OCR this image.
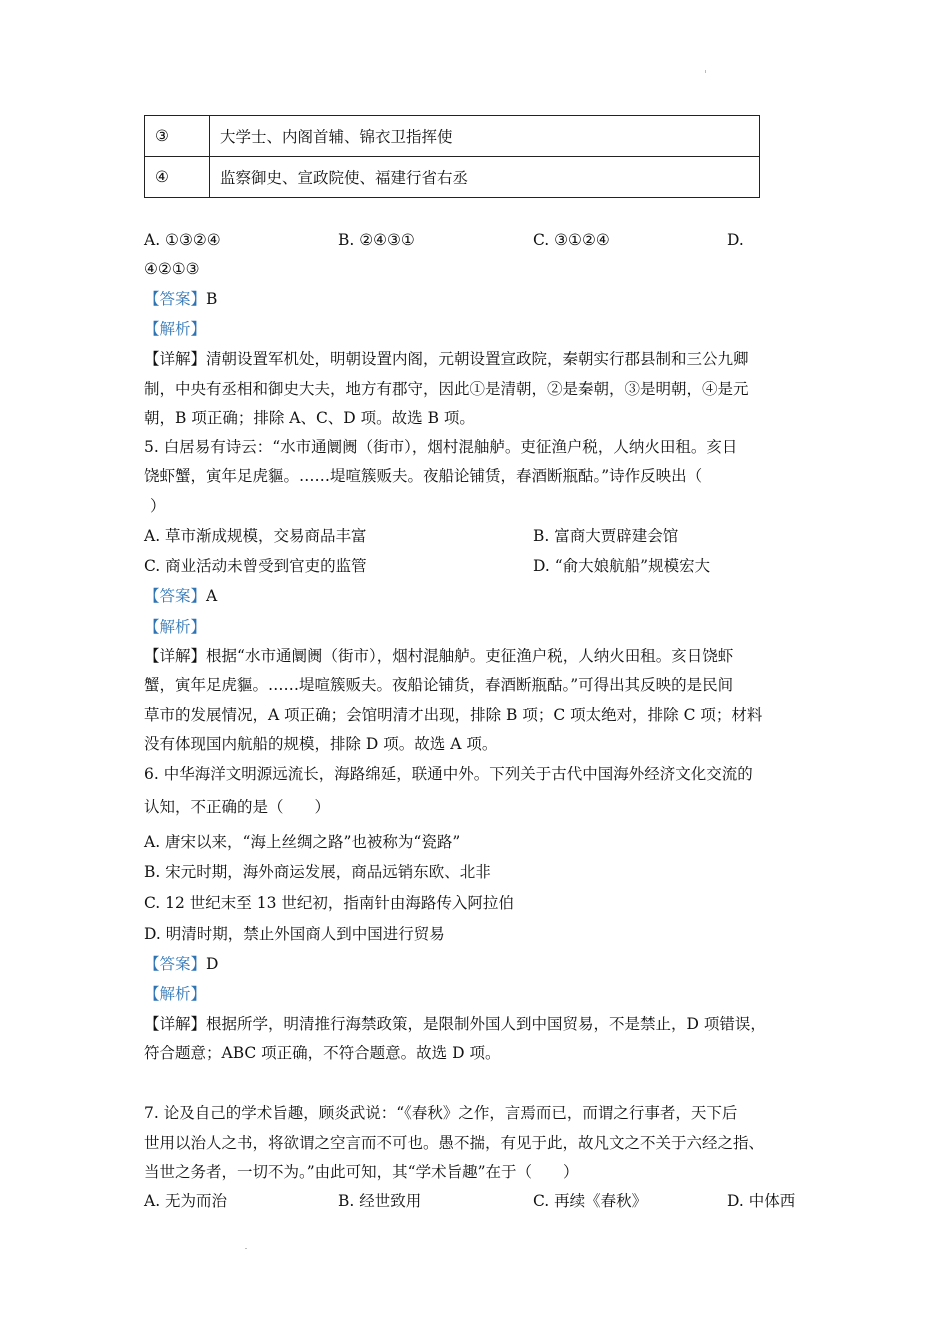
③	大学士、内阁首辅、锦衣卫指挥使
④	监察御史、宣政院使、福建行省右丞
A. ①③②④	B. ②④③①	C. ③①②④	D.
④②①③
【答案】B
【解析】
【详解】清朝设置军机处，明朝设置内阁，元朝设置宣政院，秦朝实行郡县制和三公九卿
制，中央有丞相和御史大夫，地方有郡守，因此①是清朝，②是秦朝，③是明朝，④是元
朝，B 项正确；排除 A、C、D 项。故选 B 项。
5. 白居易有诗云：“水市通阛阓（街市），烟村混舳舻。吏征渔户税，人纳火田租。亥日
饶虾蟹，寅年足虎貙。……堤喧簇贩夫。夜船论铺赁，春酒断瓶酤。”诗作反映出（
）
A. 草市渐成规模，交易商品丰富	B. 富商大贾辟建会馆
C. 商业活动未曾受到官吏的监管	D. “俞大娘航船”规模宏大
【答案】A
【解析】
【详解】根据“水市通阛阓（街市），烟村混舳舻。吏征渔户税，人纳火田租。亥日饶虾
蟹，寅年足虎貙。……堤喧簇贩夫。夜船论铺货，春酒断瓶酤。”可得出其反映的是民间
草市的发展情况，A 项正确；会馆明清才出现，排除 B 项；C 项太绝对，排除 C 项；材料
没有体现国内航船的规模，排除 D 项。故选 A 项。
6. 中华海洋文明源远流长，海路绵延，联通中外。下列关于古代中国海外经济文化交流的
认知，不正确的是（　　）
A. 唐宋以来，“海上丝绸之路”也被称为“瓷路”
B. 宋元时期，海外商运发展，商品远销东欧、北非
C. 12 世纪末至 13 世纪初，指南针由海路传入阿拉伯
D. 明清时期，禁止外国商人到中国进行贸易
【答案】D
【解析】
【详解】根据所学，明清推行海禁政策，是限制外国人到中国贸易，不是禁止，D 项错误，
符合题意；ABC 项正确，不符合题意。故选 D 项。
7. 论及自己的学术旨趣，顾炎武说：“《春秋》之作，言焉而已，而谓之行事者，天下后
世用以治人之书，将欲谓之空言而不可也。愚不揣，有见于此，故凡文之不关于六经之指、
当世之务者，一切不为。”由此可知，其“学术旨趣”在于（　　）
A. 无为而治	B. 经世致用	C. 再续《春秋》	D. 中体西
